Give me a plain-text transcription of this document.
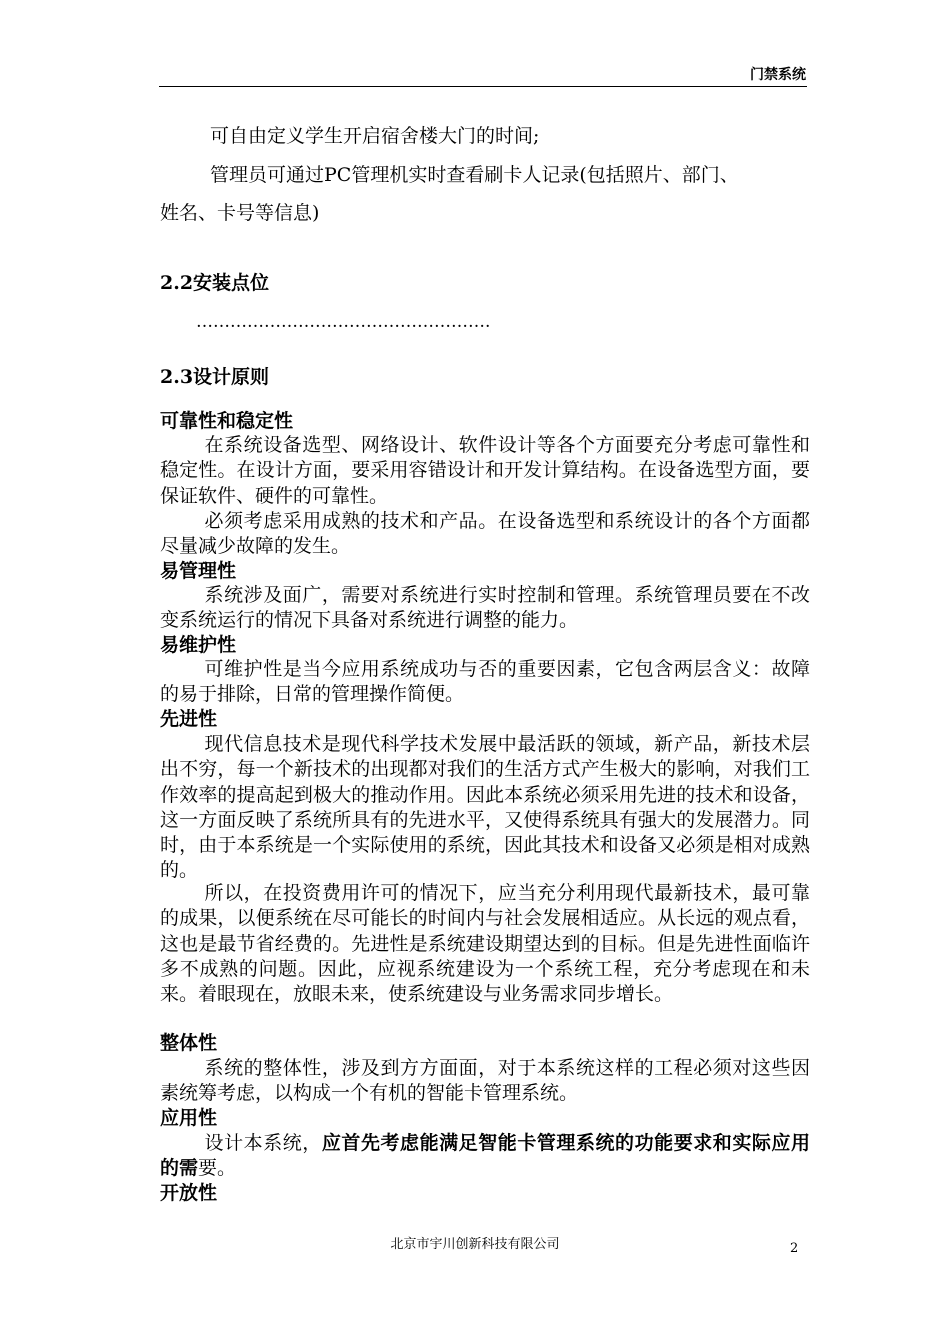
门禁系统
可自由定义学生开启宿舍楼大门的时间;
管理员可通过PC管理机实时查看刷卡人记录(包括照片、部门、
姓名、卡号等信息)
2.2安装点位
…………………………………………….
2.3设计原则
可靠性和稳定性
在系统设备选型、网络设计、软件设计等各个方面要充分考虑可靠性和稳定性。在设计方面，要采用容错设计和开发计算结构。在设备选型方面，要保证软件、硬件的可靠性。
必须考虑采用成熟的技术和产品。在设备选型和系统设计的各个方面都尽量减少故障的发生。
易管理性
系统涉及面广，需要对系统进行实时控制和管理。系统管理员要在不改变系统运行的情况下具备对系统进行调整的能力。
易维护性
可维护性是当今应用系统成功与否的重要因素，它包含两层含义：故障的易于排除，日常的管理操作简便。
先进性
现代信息技术是现代科学技术发展中最活跃的领域，新产品，新技术层出不穷，每一个新技术的出现都对我们的生活方式产生极大的影响，对我们工作效率的提高起到极大的推动作用。因此本系统必须采用先进的技术和设备，这一方面反映了系统所具有的先进水平，又使得系统具有强大的发展潜力。同时，由于本系统是一个实际使用的系统，因此其技术和设备又必须是相对成熟的。
所以，在投资费用许可的情况下，应当充分利用现代最新技术，最可靠的成果，以便系统在尽可能长的时间内与社会发展相适应。从长远的观点看，这也是最节省经费的。先进性是系统建设期望达到的目标。但是先进性面临许多不成熟的问题。因此，应视系统建设为一个系统工程，充分考虑现在和未来。着眼现在，放眼未来，使系统建设与业务需求同步增长。
整体性
系统的整体性，涉及到方方面面，对于本系统这样的工程必须对这些因素统筹考虑，以构成一个有机的智能卡管理系统。
应用性
设计本系统，应首先考虑能满足智能卡管理系统的功能要求和实际应用的需要。
开放性
北京市宇川创新科技有限公司	2
